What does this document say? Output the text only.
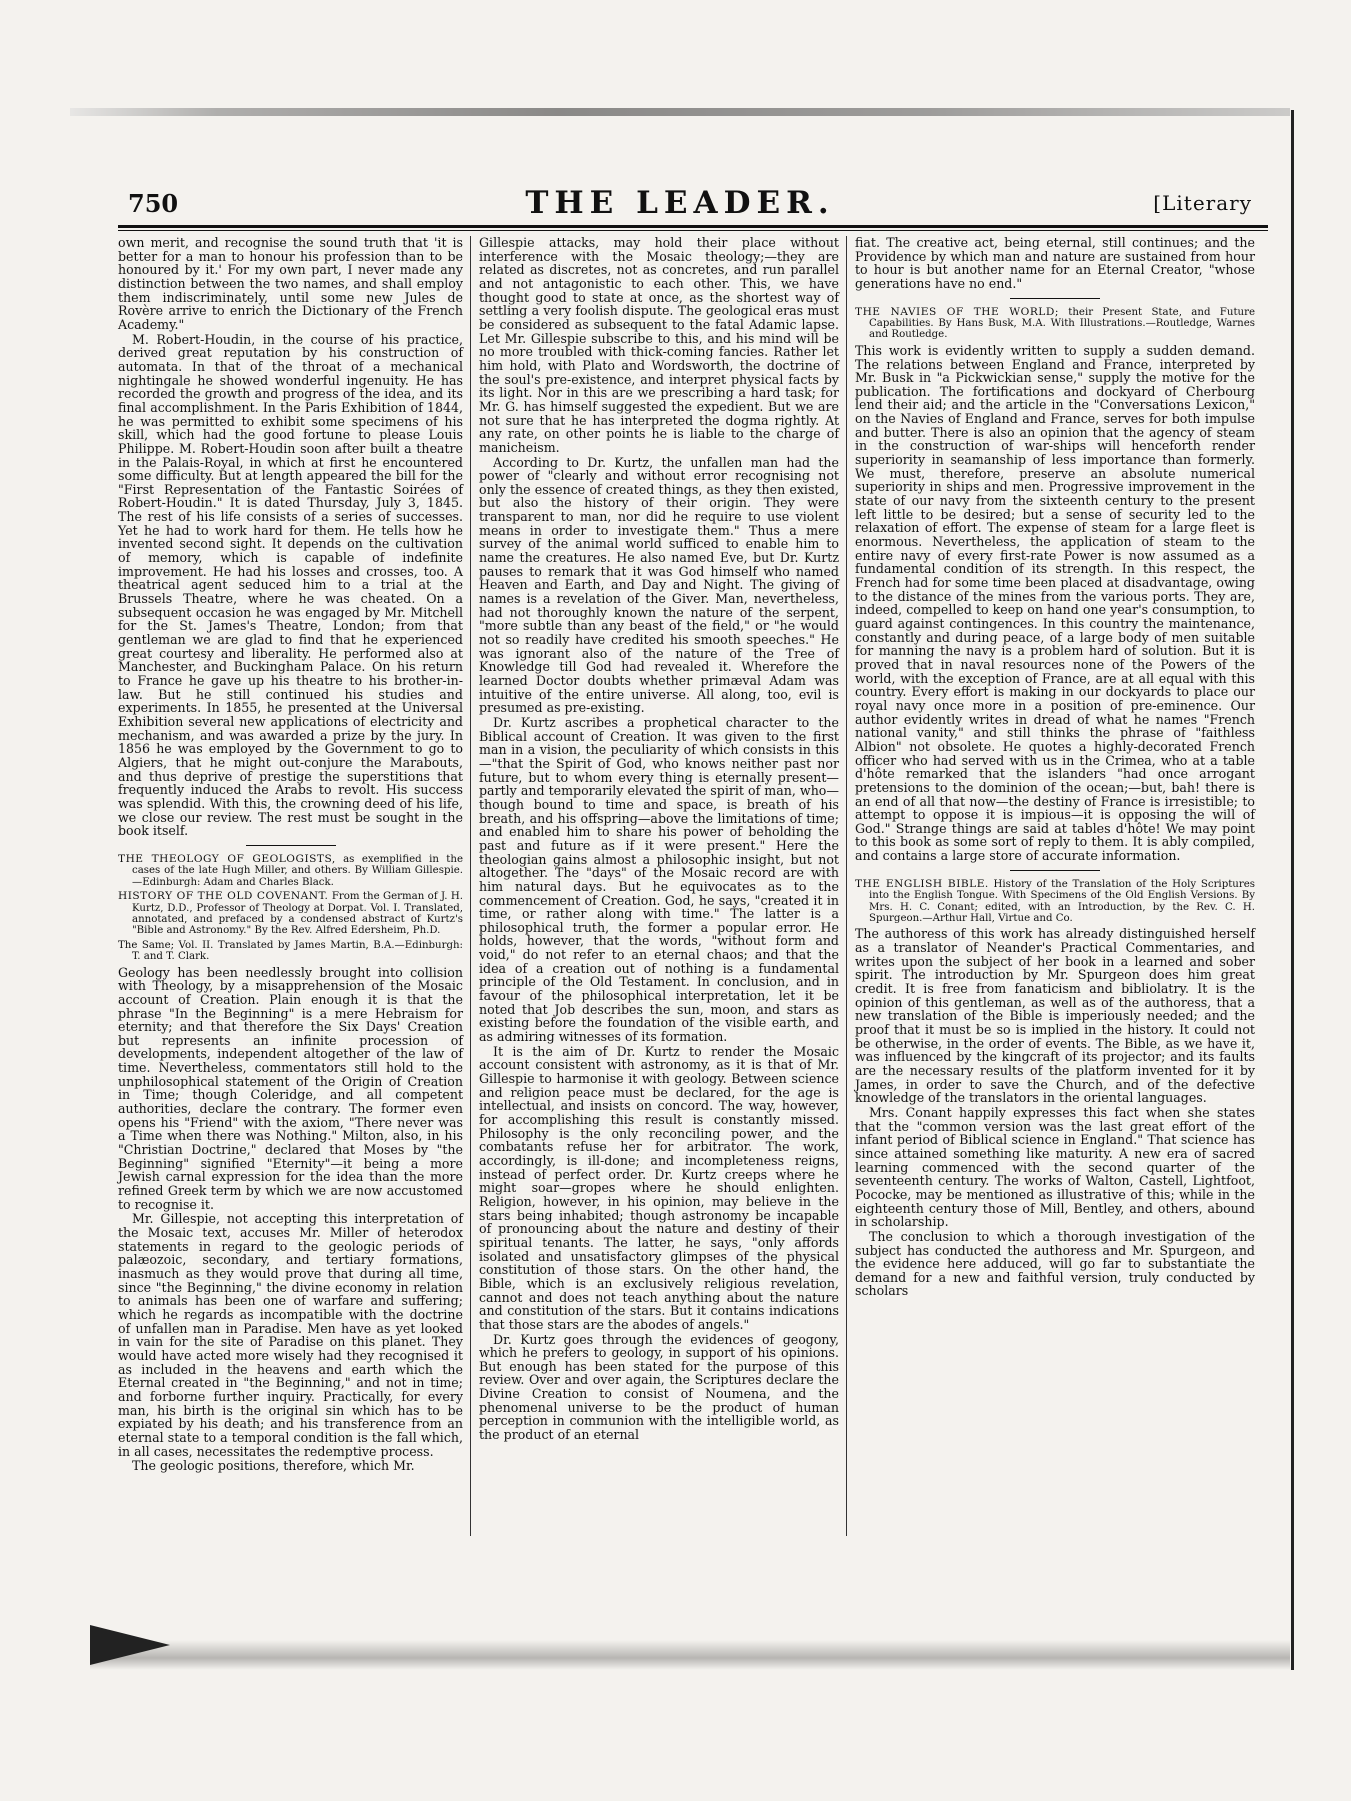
750	THE LEADER.	[Literary

own merit, and recognise the sound truth that 'it is better for a man to honour his profession than to be honoured by it.' For my own part, I never made any distinction between the two names, and shall employ them indiscriminately, until some new Jules de Rovère arrive to enrich the Dictionary of the French Academy."

M. Robert-Houdin, in the course of his practice, derived great reputation by his construction of automata. In that of the throat of a mechanical nightingale he showed wonderful ingenuity. He has recorded the growth and progress of the idea, and its final accomplishment. In the Paris Exhibition of 1844, he was permitted to exhibit some specimens of his skill, which had the good fortune to please Louis Philippe. M. Robert-Houdin soon after built a theatre in the Palais-Royal, in which at first he encountered some difficulty. But at length appeared the bill for the "First Representation of the Fantastic Soirées of Robert-Houdin." It is dated Thursday, July 3, 1845. The rest of his life consists of a series of successes. Yet he had to work hard for them. He tells how he invented second sight. It depends on the cultivation of memory, which is capable of indefinite improvement. He had his losses and crosses, too. A theatrical agent seduced him to a trial at the Brussels Theatre, where he was cheated. On a subsequent occasion he was engaged by Mr. Mitchell for the St. James's Theatre, London; from that gentleman we are glad to find that he experienced great courtesy and liberality. He performed also at Manchester, and Buckingham Palace. On his return to France he gave up his theatre to his brother-in-law. But he still continued his studies and experiments. In 1855, he presented at the Universal Exhibition several new applications of electricity and mechanism, and was awarded a prize by the jury. In 1856 he was employed by the Government to go to Algiers, that he might out-conjure the Marabouts, and thus deprive of prestige the superstitions that frequently induced the Arabs to revolt. His success was splendid. With this, the crowning deed of his life, we close our review. The rest must be sought in the book itself.

THE THEOLOGY OF GEOLOGISTS, as exemplified in the cases of the late Hugh Miller, and others. By William Gillespie.—Edinburgh: Adam and Charles Black.
HISTORY OF THE OLD COVENANT. From the German of J. H. Kurtz, D.D., Professor of Theology at Dorpat. Vol. I. Translated, annotated, and prefaced by a condensed abstract of Kurtz's "Bible and Astronomy." By the Rev. Alfred Edersheim, Ph.D.
The Same; Vol. II. Translated by James Martin, B.A.—Edinburgh: T. and T. Clark.

Geology has been needlessly brought into collision with Theology, by a misapprehension of the Mosaic account of Creation. Plain enough it is that the phrase "In the Beginning" is a mere Hebraism for eternity; and that therefore the Six Days' Creation but represents an infinite procession of developments, independent altogether of the law of time. Nevertheless, commentators still hold to the unphilosophical statement of the Origin of Creation in Time; though Coleridge, and all competent authorities, declare the contrary. The former even opens his "Friend" with the axiom, "There never was a Time when there was Nothing." Milton, also, in his "Christian Doctrine," declared that Moses by "the Beginning" signified "Eternity"—it being a more Jewish carnal expression for the idea than the more refined Greek term by which we are now accustomed to recognise it.

Mr. Gillespie, not accepting this interpretation of the Mosaic text, accuses Mr. Miller of heterodox statements in regard to the geologic periods of palæozoic, secondary, and tertiary formations, inasmuch as they would prove that during all time, since "the Beginning," the divine economy in relation to animals has been one of warfare and suffering; which he regards as incompatible with the doctrine of unfallen man in Paradise. Men have as yet looked in vain for the site of Paradise on this planet. They would have acted more wisely had they recognised it as included in the heavens and earth which the Eternal created in "the Beginning," and not in time; and forborne further inquiry. Practically, for every man, his birth is the original sin which has to be expiated by his death; and his transference from an eternal state to a temporal condition is the fall which, in all cases, necessitates the redemptive process.

The geologic positions, therefore, which Mr.

Gillespie attacks, may hold their place without interference with the Mosaic theology;—they are related as discretes, not as concretes, and run parallel and not antagonistic to each other. This, we have thought good to state at once, as the shortest way of settling a very foolish dispute. The geological eras must be considered as subsequent to the fatal Adamic lapse. Let Mr. Gillespie subscribe to this, and his mind will be no more troubled with thick-coming fancies. Rather let him hold, with Plato and Wordsworth, the doctrine of the soul's pre-existence, and interpret physical facts by its light. Nor in this are we prescribing a hard task; for Mr. G. has himself suggested the expedient. But we are not sure that he has interpreted the dogma rightly. At any rate, on other points he is liable to the charge of manicheism.

According to Dr. Kurtz, the unfallen man had the power of "clearly and without error recognising not only the essence of created things, as they then existed, but also the history of their origin. They were transparent to man, nor did he require to use violent means in order to investigate them." Thus a mere survey of the animal world sufficed to enable him to name the creatures. He also named Eve, but Dr. Kurtz pauses to remark that it was God himself who named Heaven and Earth, and Day and Night. The giving of names is a revelation of the Giver. Man, nevertheless, had not thoroughly known the nature of the serpent, "more subtle than any beast of the field," or "he would not so readily have credited his smooth speeches." He was ignorant also of the nature of the Tree of Knowledge till God had revealed it. Wherefore the learned Doctor doubts whether primæval Adam was intuitive of the entire universe. All along, too, evil is presumed as pre-existing.

Dr. Kurtz ascribes a prophetical character to the Biblical account of Creation. It was given to the first man in a vision, the peculiarity of which consists in this—"that the Spirit of God, who knows neither past nor future, but to whom every thing is eternally present—partly and temporarily elevated the spirit of man, who—though bound to time and space, is breath of his breath, and his offspring—above the limitations of time; and enabled him to share his power of beholding the past and future as if it were present." Here the theologian gains almost a philosophic insight, but not altogether. The "days" of the Mosaic record are with him natural days. But he equivocates as to the commencement of Creation. God, he says, "created it in time, or rather along with time." The latter is a philosophical truth, the former a popular error. He holds, however, that the words, "without form and void," do not refer to an eternal chaos; and that the idea of a creation out of nothing is a fundamental principle of the Old Testament. In conclusion, and in favour of the philosophical interpretation, let it be noted that Job describes the sun, moon, and stars as existing before the foundation of the visible earth, and as admiring witnesses of its formation.

It is the aim of Dr. Kurtz to render the Mosaic account consistent with astronomy, as it is that of Mr. Gillespie to harmonise it with geology. Between science and religion peace must be declared, for the age is intellectual, and insists on concord. The way, however, for accomplishing this result is constantly missed. Philosophy is the only reconciling power, and the combatants refuse her for arbitrator. The work, accordingly, is ill-done; and incompleteness reigns, instead of perfect order. Dr. Kurtz creeps where he might soar—gropes where he should enlighten. Religion, however, in his opinion, may believe in the stars being inhabited; though astronomy be incapable of pronouncing about the nature and destiny of their spiritual tenants. The latter, he says, "only affords isolated and unsatisfactory glimpses of the physical constitution of those stars. On the other hand, the Bible, which is an exclusively religious revelation, cannot and does not teach anything about the nature and constitution of the stars. But it contains indications that those stars are the abodes of angels."

Dr. Kurtz goes through the evidences of geogony, which he prefers to geology, in support of his opinions. But enough has been stated for the purpose of this review. Over and over again, the Scriptures declare the Divine Creation to consist of Noumena, and the phenomenal universe to be the product of human perception in communion with the intelligible world, as the product of an eternal

fiat. The creative act, being eternal, still continues; and the Providence by which man and nature are sustained from hour to hour is but another name for an Eternal Creator, "whose generations have no end."

THE NAVIES OF THE WORLD; their Present State, and Future Capabilities. By Hans Busk, M.A. With Illustrations.—Routledge, Warnes and Routledge.

This work is evidently written to supply a sudden demand. The relations between England and France, interpreted by Mr. Busk in "a Pickwickian sense," supply the motive for the publication. The fortifications and dockyard of Cherbourg lend their aid; and the article in the "Conversations Lexicon," on the Navies of England and France, serves for both impulse and butter. There is also an opinion that the agency of steam in the construction of war-ships will henceforth render superiority in seamanship of less importance than formerly. We must, therefore, preserve an absolute numerical superiority in ships and men. Progressive improvement in the state of our navy from the sixteenth century to the present left little to be desired; but a sense of security led to the relaxation of effort. The expense of steam for a large fleet is enormous. Nevertheless, the application of steam to the entire navy of every first-rate Power is now assumed as a fundamental condition of its strength. In this respect, the French had for some time been placed at disadvantage, owing to the distance of the mines from the various ports. They are, indeed, compelled to keep on hand one year's consumption, to guard against contingences. In this country the maintenance, constantly and during peace, of a large body of men suitable for manning the navy is a problem hard of solution. But it is proved that in naval resources none of the Powers of the world, with the exception of France, are at all equal with this country. Every effort is making in our dockyards to place our royal navy once more in a position of pre-eminence. Our author evidently writes in dread of what he names "French national vanity," and still thinks the phrase of "faithless Albion" not obsolete. He quotes a highly-decorated French officer who had served with us in the Crimea, who at a table d'hôte remarked that the islanders "had once arrogant pretensions to the dominion of the ocean;—but, bah! there is an end of all that now—the destiny of France is irresistible; to attempt to oppose it is impious—it is opposing the will of God." Strange things are said at tables d'hôte! We may point to this book as some sort of reply to them. It is ably compiled, and contains a large store of accurate information.

THE ENGLISH BIBLE. History of the Translation of the Holy Scriptures into the English Tongue. With Specimens of the Old English Versions. By Mrs. H. C. Conant; edited, with an Introduction, by the Rev. C. H. Spurgeon.—Arthur Hall, Virtue and Co.

The authoress of this work has already distinguished herself as a translator of Neander's Practical Commentaries, and writes upon the subject of her book in a learned and sober spirit. The introduction by Mr. Spurgeon does him great credit. It is free from fanaticism and bibliolatry. It is the opinion of this gentleman, as well as of the authoress, that a new translation of the Bible is imperiously needed; and the proof that it must be so is implied in the history. It could not be otherwise, in the order of events. The Bible, as we have it, was influenced by the kingcraft of its projector; and its faults are the necessary results of the platform invented for it by James, in order to save the Church, and of the defective knowledge of the translators in the oriental languages.

Mrs. Conant happily expresses this fact when she states that the "common version was the last great effort of the infant period of Biblical science in England." That science has since attained something like maturity. A new era of sacred learning commenced with the second quarter of the seventeenth century. The works of Walton, Castell, Lightfoot, Pococke, may be mentioned as illustrative of this; while in the eighteenth century those of Mill, Bentley, and others, abound in scholarship.

The conclusion to which a thorough investigation of the subject has conducted the authoress and Mr. Spurgeon, and the evidence here adduced, will go far to substantiate the demand for a new and faithful version, truly conducted by scholars
